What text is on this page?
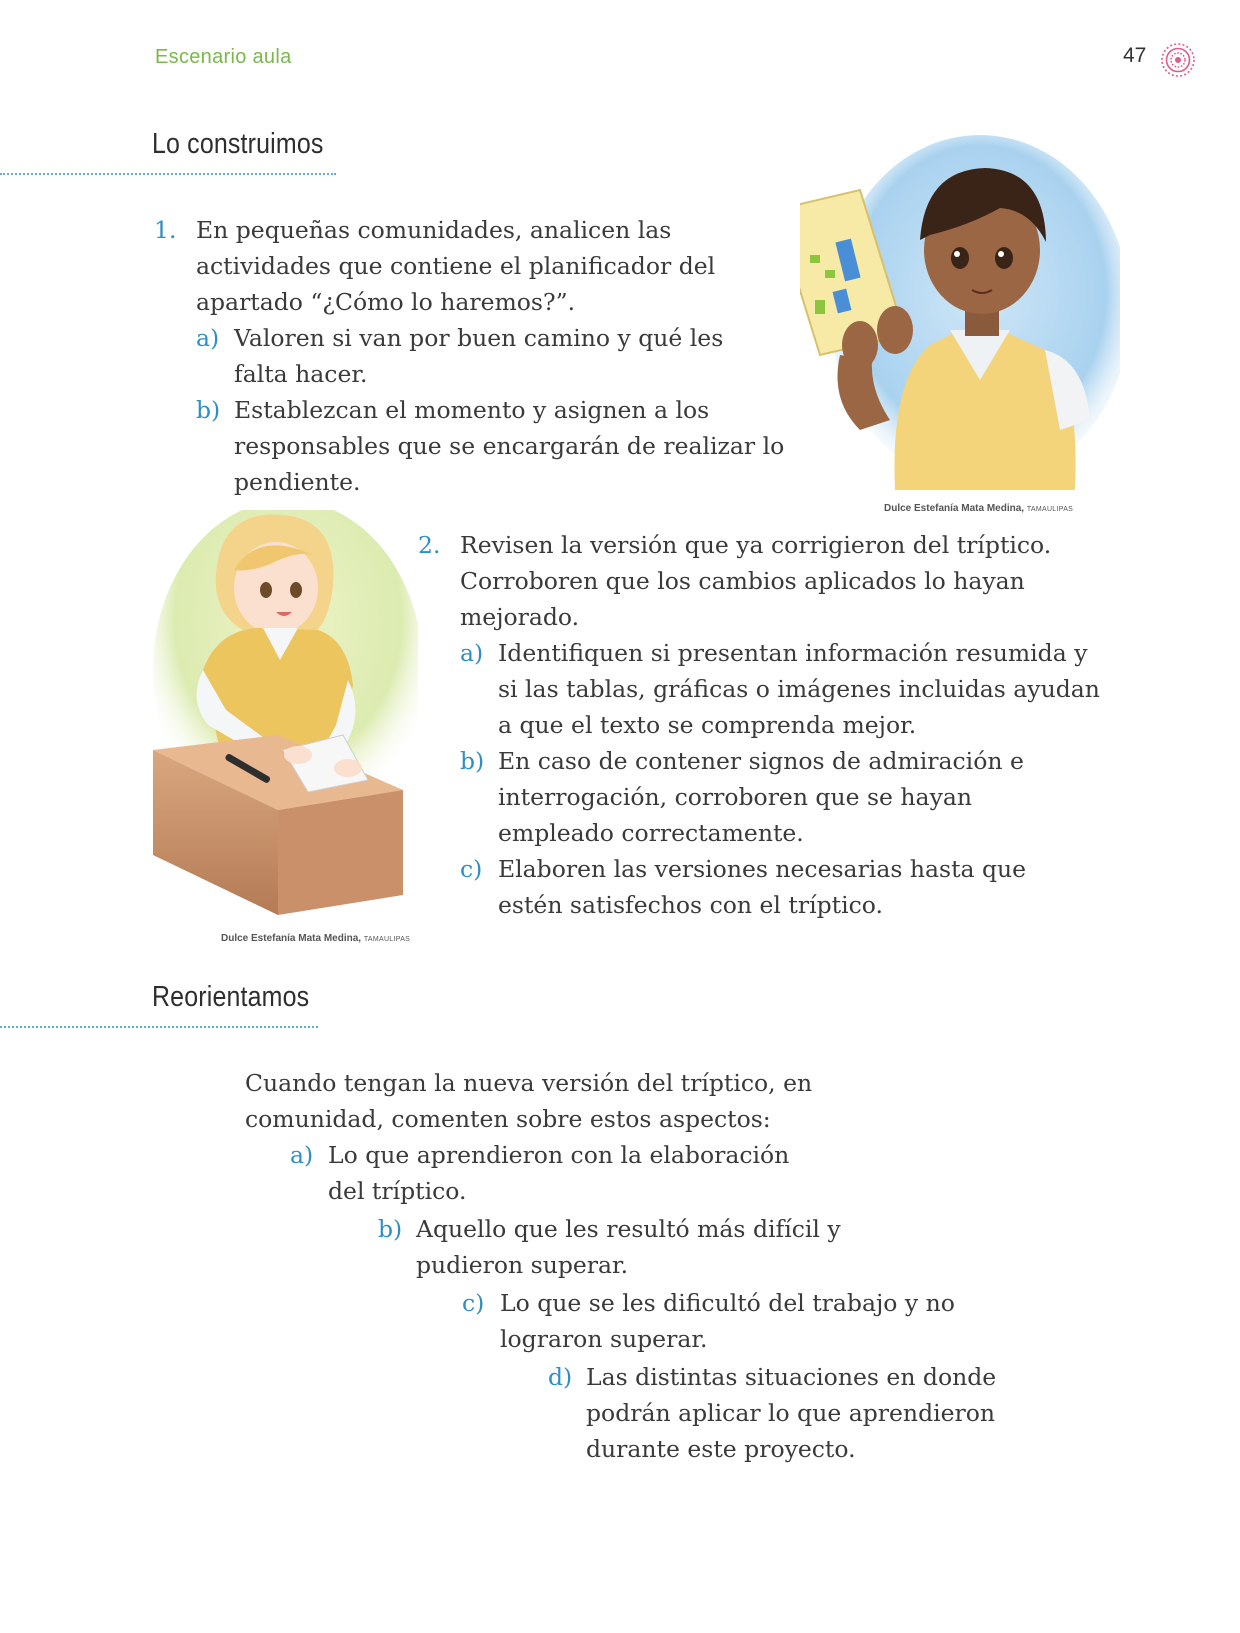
Escenario aula	47
Lo construimos
1. En pequeñas comunidades, analicen las actividades que contiene el planificador del apartado “¿Cómo lo haremos?”.
a) Valoren si van por buen camino y qué les falta hacer.
b) Establezcan el momento y asignen a los responsables que se encargarán de realizar lo pendiente.
Dulce Estefanía Mata Medina, TAMAULIPAS
Dulce Estefanía Mata Medina, TAMAULIPAS
2. Revisen la versión que ya corrigieron del tríptico. Corroboren que los cambios aplicados lo hayan mejorado.
a) Identifiquen si presentan información resumida y si las tablas, gráficas o imágenes incluidas ayudan a que el texto se comprenda mejor.
b) En caso de contener signos de admiración e interrogación, corroboren que se hayan empleado correctamente.
c) Elaboren las versiones necesarias hasta que estén satisfechos con el tríptico.
Reorientamos
Cuando tengan la nueva versión del tríptico, en comunidad, comenten sobre estos aspectos:
a) Lo que aprendieron con la elaboración del tríptico.
b) Aquello que les resultó más difícil y pudieron superar.
c) Lo que se les dificultó del trabajo y no lograron superar.
d) Las distintas situaciones en donde podrán aplicar lo que aprendieron durante este proyecto.
